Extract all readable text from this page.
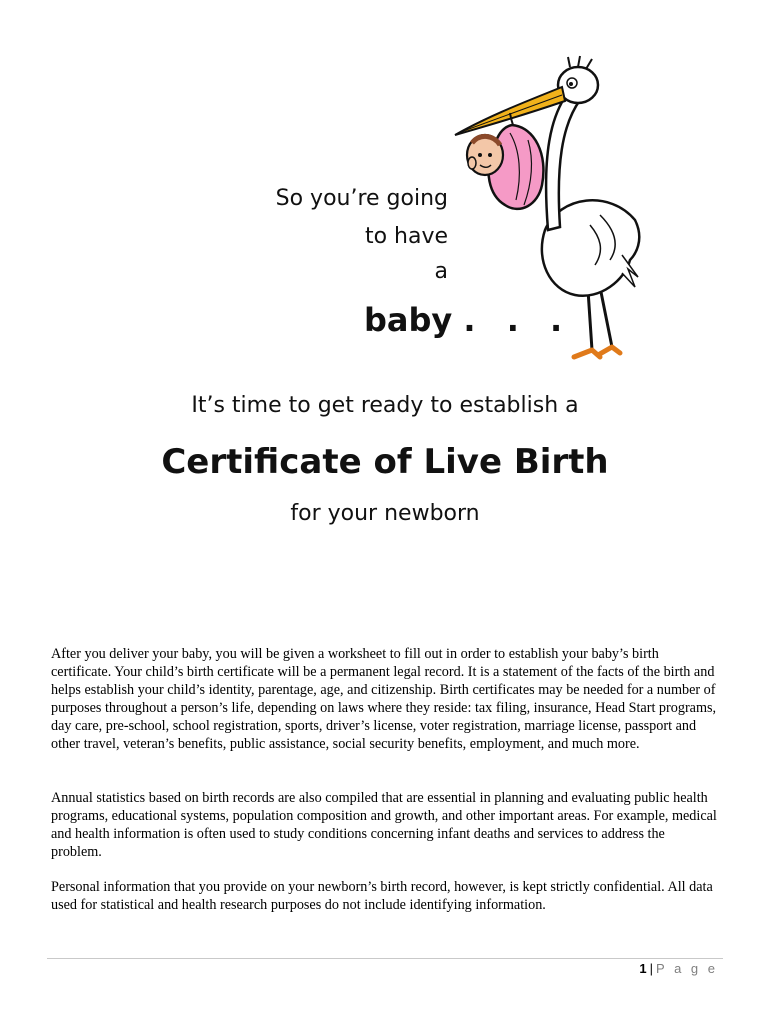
So you’re going
to have
a
baby . . .
It’s time to get ready to establish a
Certificate of Live Birth
for your newborn

After you deliver your baby, you will be given a worksheet to fill out in order to establish your baby’s birth certificate. Your child’s birth certificate will be a permanent legal record. It is a statement of the facts of the birth and helps establish your child’s identity, parentage, age, and citizenship. Birth certificates may be needed for a number of purposes throughout a person’s life, depending on laws where they reside: tax filing, insurance, Head Start programs, day care, pre-school, school registration, sports, driver’s license, voter registration, marriage license, passport and other travel, veteran’s benefits, public assistance, social security benefits, employment, and much more.

Annual statistics based on birth records are also compiled that are essential in planning and evaluating public health programs, educational systems, population composition and growth, and other important areas. For example, medical and health information is often used to study conditions concerning infant deaths and services to address the problem.

Personal information that you provide on your newborn’s birth record, however, is kept strictly confidential. All data used for statistical and health research purposes do not include identifying information.

1 | P a g e
